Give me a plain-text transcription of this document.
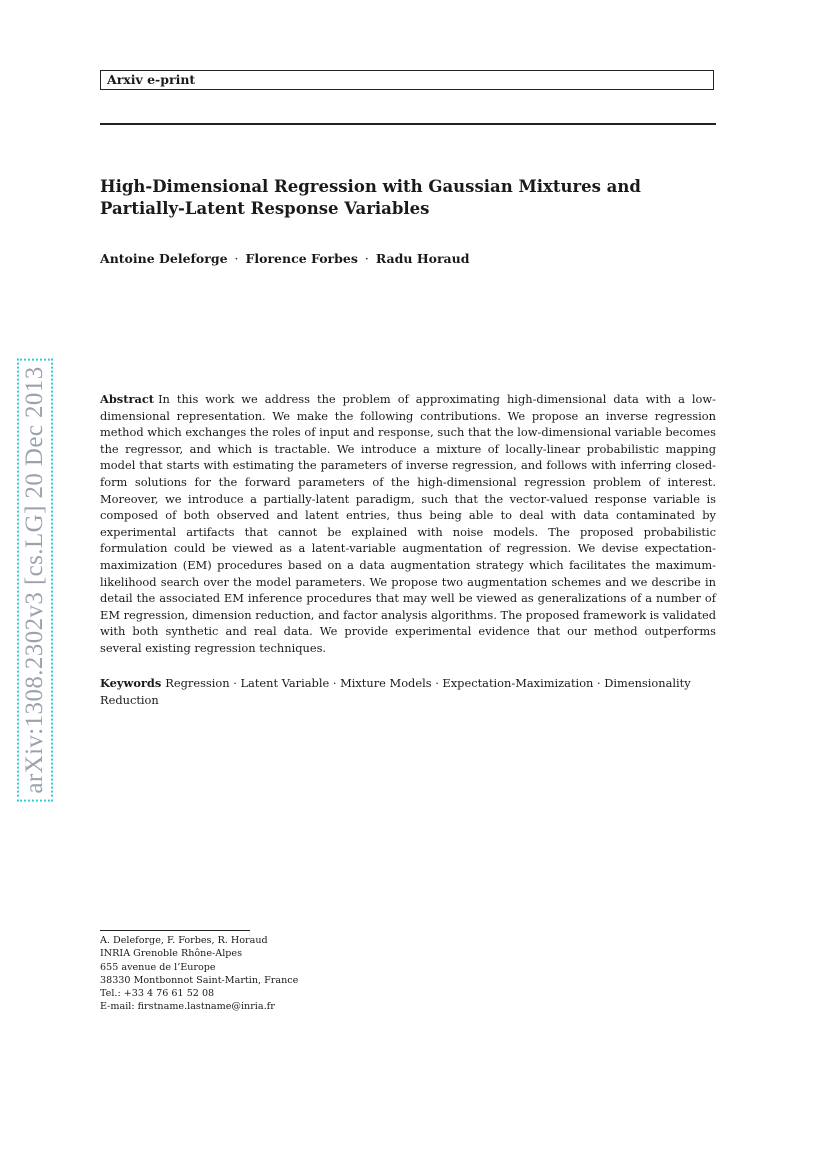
Arxiv e-print
High-Dimensional Regression with Gaussian Mixtures and
Partially-Latent Response Variables
Antoine Deleforge · Florence Forbes · Radu Horaud
arXiv:1308.2302v3 [cs.LG] 20 Dec 2013	Abstract In this work we address the problem of approximating high-dimensional data with a low-dimensional representation. We make the following contributions. We propose an inverse regression method which exchanges the roles of input and response, such that the low-dimensional variable becomes the regressor, and which is tractable. We introduce a mixture of locally-linear probabilistic mapping model that starts with estimating the parameters of inverse regression, and follows with inferring closed-form solutions for the forward parameters of the high-dimensional regression problem of interest. Moreover, we introduce a partially-latent paradigm, such that the vector-valued response variable is composed of both observed and latent entries, thus being able to deal with data contaminated by experimental artifacts that cannot be explained with noise models. The proposed probabilistic formulation could be viewed as a latent-variable augmentation of regression. We devise expectation-maximization (EM) procedures based on a data augmentation strategy which facilitates the maximum-likelihood search over the model parameters. We propose two augmentation schemes and we describe in detail the associated EM inference procedures that may well be viewed as generalizations of a number of EM regression, dimension reduction, and factor analysis algorithms. The proposed framework is validated with both synthetic and real data. We provide experimental evidence that our method outperforms several existing regression techniques.
Keywords Regression · Latent Variable · Mixture Models · Expectation-Maximization · Dimensionality Reduction
A. Deleforge, F. Forbes, R. Horaud
INRIA Grenoble Rhône-Alpes
655 avenue de l’Europe
38330 Montbonnot Saint-Martin, France
Tel.: +33 4 76 61 52 08
E-mail: firstname.lastname@inria.fr
